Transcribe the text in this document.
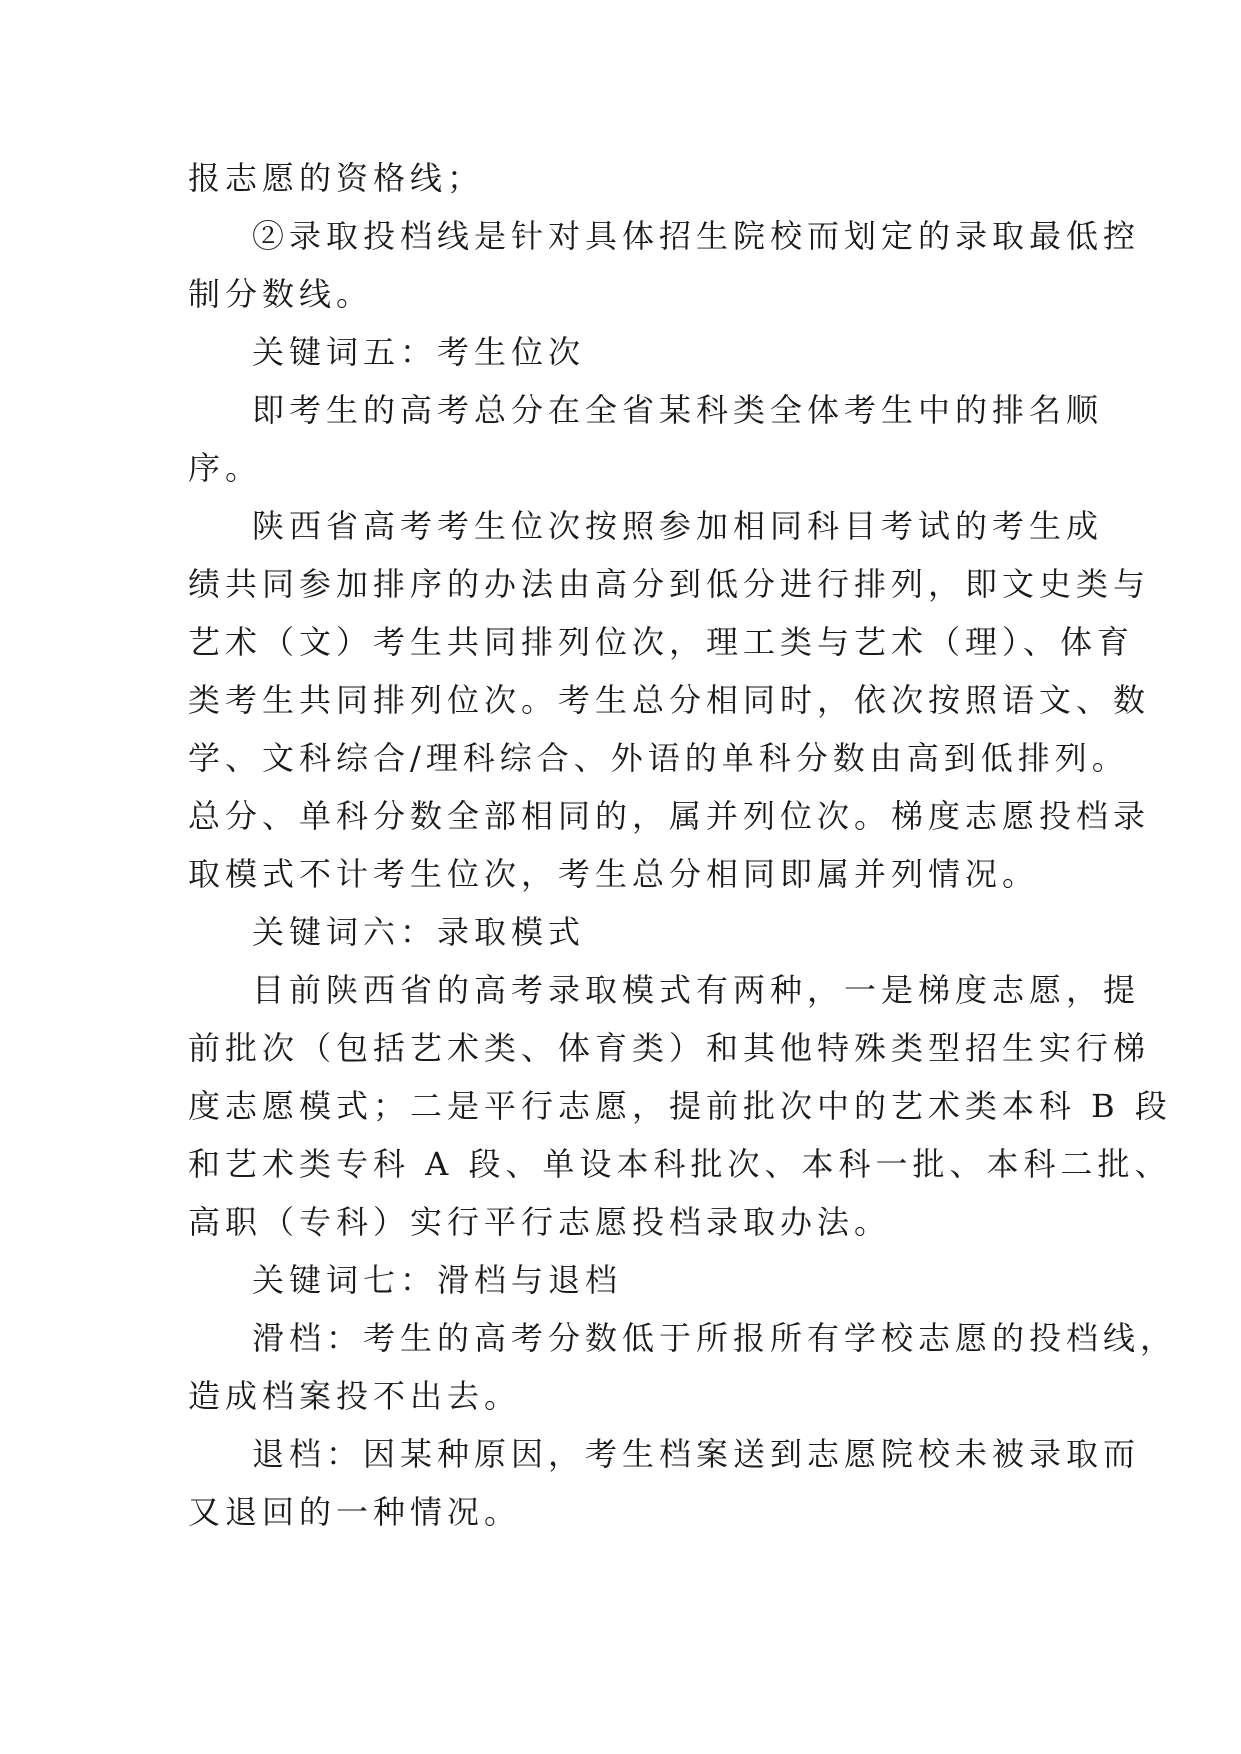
报志愿的资格线；
②录取投档线是针对具体招生院校而划定的录取最低控
制分数线。
关键词五：考生位次
即考生的高考总分在全省某科类全体考生中的排名顺
序。
陕西省高考考生位次按照参加相同科目考试的考生成
绩共同参加排序的办法由高分到低分进行排列，即文史类与
艺术（文）考生共同排列位次，理工类与艺术（理）、体育
类考生共同排列位次。考生总分相同时，依次按照语文、数
学、文科综合/理科综合、外语的单科分数由高到低排列。
总分、单科分数全部相同的，属并列位次。梯度志愿投档录
取模式不计考生位次，考生总分相同即属并列情况。
关键词六：录取模式
目前陕西省的高考录取模式有两种，一是梯度志愿，提
前批次（包括艺术类、体育类）和其他特殊类型招生实行梯
度志愿模式；二是平行志愿，提前批次中的艺术类本科 B 段
和艺术类专科 A 段、单设本科批次、本科一批、本科二批、
高职（专科）实行平行志愿投档录取办法。
关键词七：滑档与退档
滑档：考生的高考分数低于所报所有学校志愿的投档线，
造成档案投不出去。
退档：因某种原因，考生档案送到志愿院校未被录取而
又退回的一种情况。
